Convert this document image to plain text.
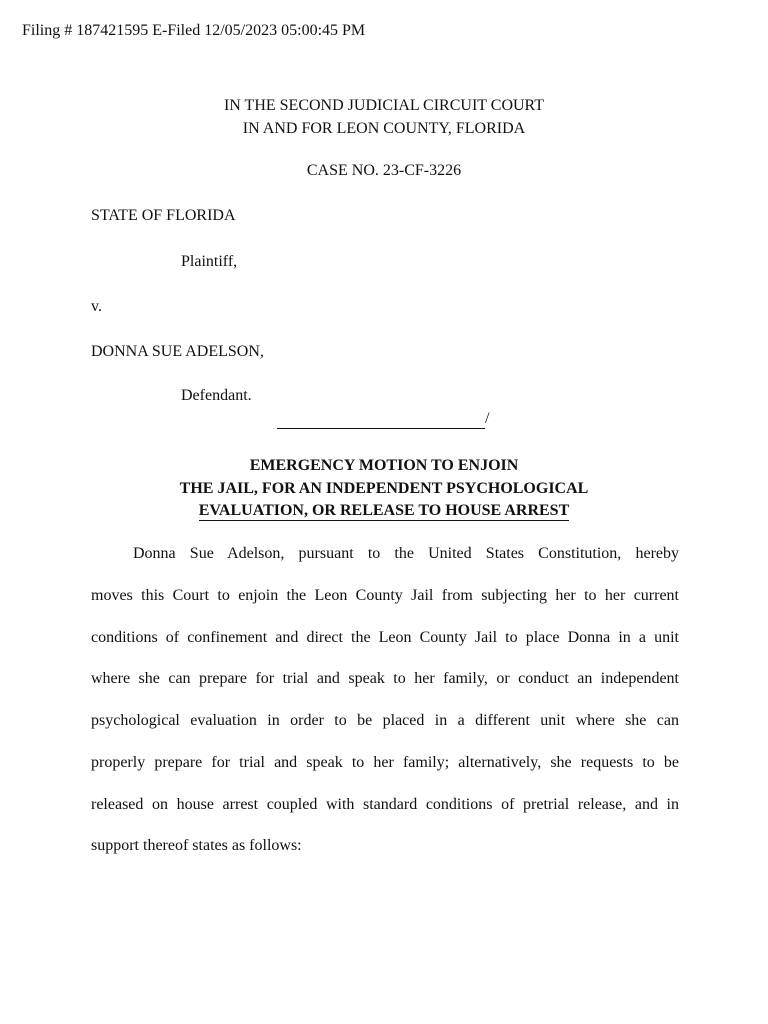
Filing # 187421595 E-Filed 12/05/2023 05:00:45 PM
IN THE SECOND JUDICIAL CIRCUIT COURT
IN AND FOR LEON COUNTY, FLORIDA
CASE NO. 23-CF-3226
STATE OF FLORIDA
Plaintiff,
v.
DONNA SUE ADELSON,
Defendant.
/
EMERGENCY MOTION TO ENJOIN
THE JAIL, FOR AN INDEPENDENT PSYCHOLOGICAL
EVALUATION, OR RELEASE TO HOUSE ARREST
Donna Sue Adelson, pursuant to the United States Constitution, hereby
moves this Court to enjoin the Leon County Jail from subjecting her to her current
conditions of confinement and direct the Leon County Jail to place Donna in a unit
where she can prepare for trial and speak to her family, or conduct an independent
psychological evaluation in order to be placed in a different unit where she can
properly prepare for trial and speak to her family; alternatively, she requests to be
released on house arrest coupled with standard conditions of pretrial release, and in
support thereof states as follows:
